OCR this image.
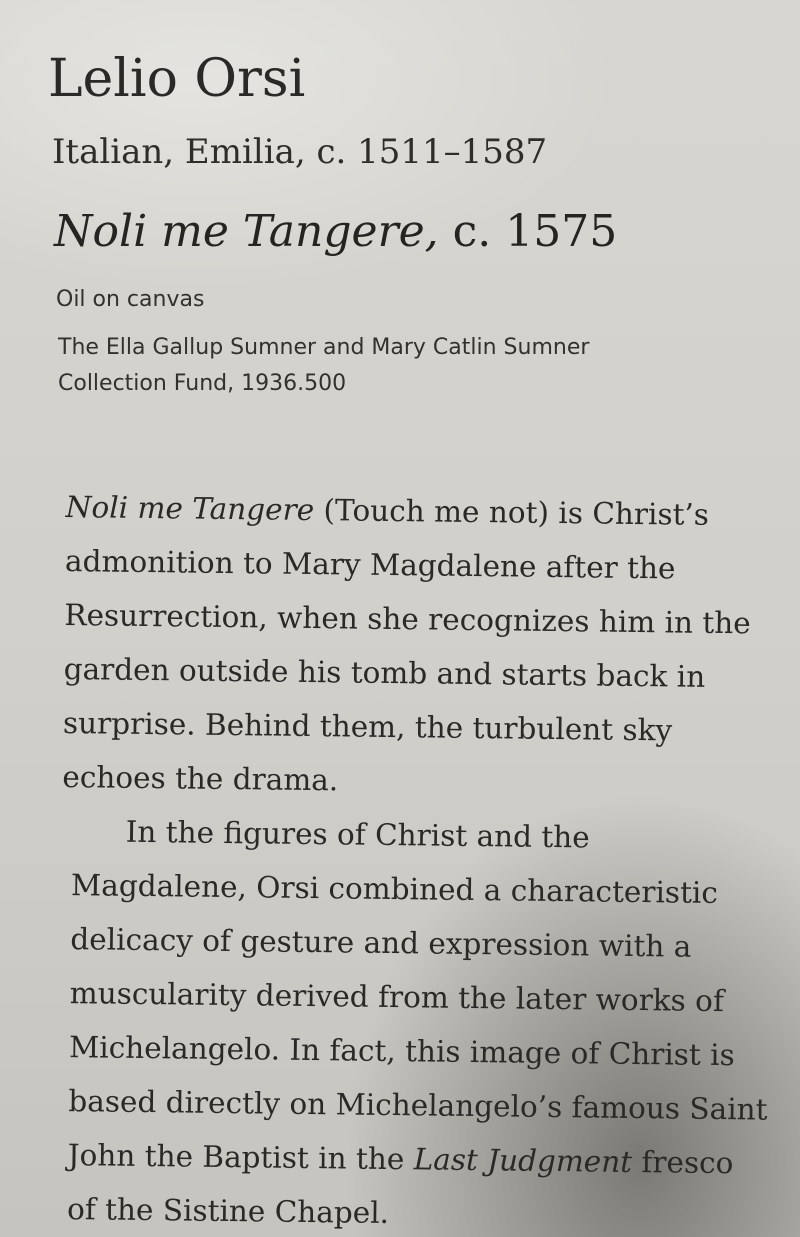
Lelio Orsi
Italian, Emilia, c. 1511–1587
Noli me Tangere, c. 1575

Oil on canvas

The Ella Gallup Sumner and Mary Catlin Sumner
Collection Fund, 1936.500

Noli me Tangere (Touch me not) is Christ’s admonition to Mary Magdalene after the Resurrection, when she recognizes him in the garden outside his tomb and starts back in surprise. Behind them, the turbulent sky echoes the drama.

In the figures of Christ and the Magdalene, Orsi combined a characteristic delicacy of gesture and expression with a muscularity derived from the later works of Michelangelo. In fact, this image of Christ is based directly on Michelangelo’s famous Saint John the Baptist in the Last Judgment fresco of the Sistine Chapel.
